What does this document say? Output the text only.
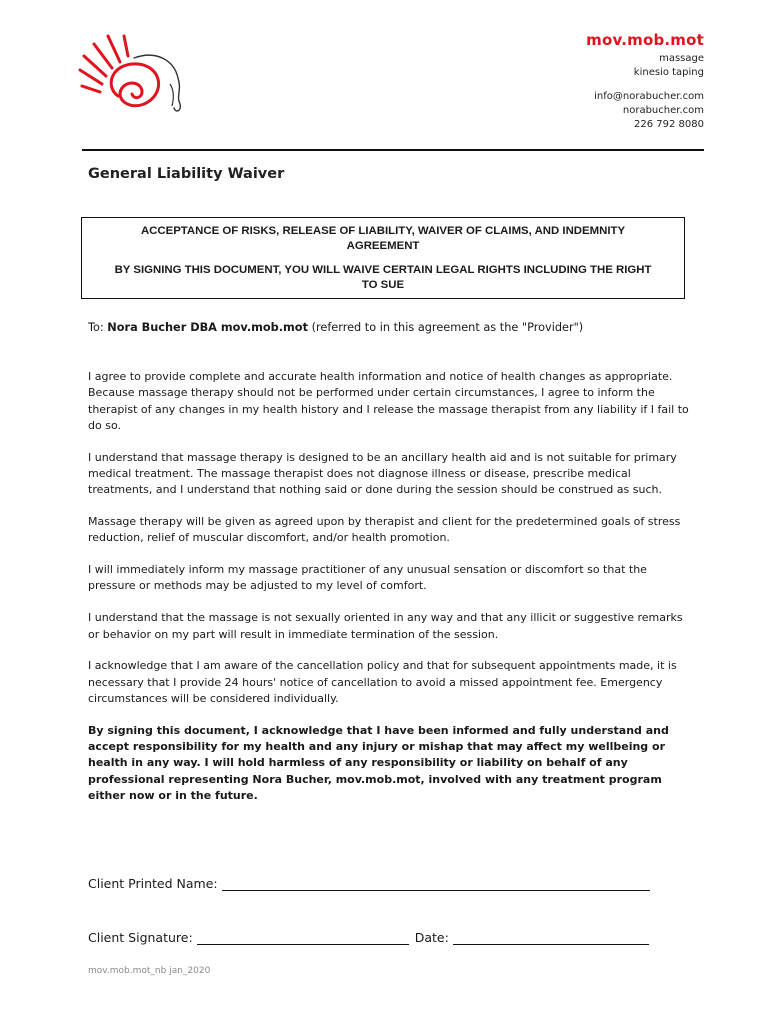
mov.mob.mot
massage
kinesio taping
info@norabucher.com
norabucher.com
226 792 8080
General Liability Waiver

ACCEPTANCE OF RISKS, RELEASE OF LIABILITY, WAIVER OF CLAIMS, AND INDEMNITY AGREEMENT

BY SIGNING THIS DOCUMENT, YOU WILL WAIVE CERTAIN LEGAL RIGHTS INCLUDING THE RIGHT TO SUE

To: Nora Bucher DBA mov.mob.mot (referred to in this agreement as the "Provider")

I agree to provide complete and accurate health information and notice of health changes as appropriate. Because massage therapy should not be performed under certain circumstances, I agree to inform the therapist of any changes in my health history and I release the massage therapist from any liability if I fail to do so.

I understand that massage therapy is designed to be an ancillary health aid and is not suitable for primary medical treatment. The massage therapist does not diagnose illness or disease, prescribe medical treatments, and I understand that nothing said or done during the session should be construed as such.

Massage therapy will be given as agreed upon by therapist and client for the predetermined goals of stress reduction, relief of muscular discomfort, and/or health promotion.

I will immediately inform my massage practitioner of any unusual sensation or discomfort so that the pressure or methods may be adjusted to my level of comfort.

I understand that the massage is not sexually oriented in any way and that any illicit or suggestive remarks or behavior on my part will result in immediate termination of the session.

I acknowledge that I am aware of the cancellation policy and that for subsequent appointments made, it is necessary that I provide 24 hours' notice of cancellation to avoid a missed appointment fee. Emergency circumstances will be considered individually.

By signing this document, I acknowledge that I have been informed and fully understand and accept responsibility for my health and any injury or mishap that may affect my wellbeing or health in any way. I will hold harmless of any responsibility or liability on behalf of any professional representing Nora Bucher, mov.mob.mot, involved with any treatment program either now or in the future.

Client Printed Name:
Client Signature:	Date:
mov.mob.mot_nb jan_2020
